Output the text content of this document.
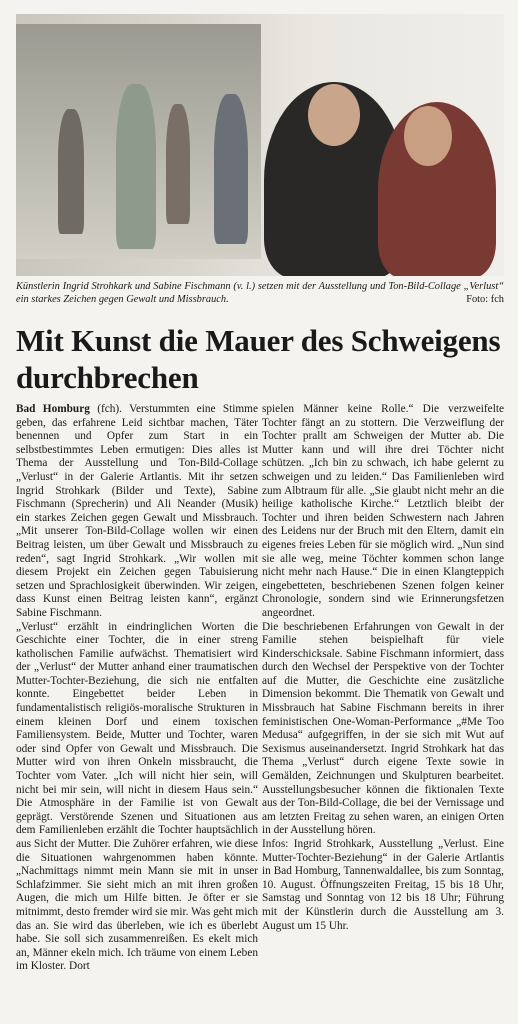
Künstlerin Ingrid Strohkark und Sabine Fischmann (v. l.) setzen mit der Ausstellung und Ton-Bild-Collage „Verlust“ ein starkes Zeichen gegen Gewalt und Missbrauch.	Foto: fch
Mit Kunst die Mauer des Schweigens durchbrechen

Bad Homburg (fch). Verstummten eine Stimme geben, das erfahrene Leid sichtbar machen, Täter benennen und Opfer zum Start in ein selbstbestimmtes Leben ermutigen: Dies alles ist Thema der Ausstellung und Ton-Bild-Collage „Verlust“ in der Galerie Artlantis. Mit ihr setzen Ingrid Strohkark (Bilder und Texte), Sabine Fischmann (Sprecherin) und Ali Neander (Musik) ein starkes Zeichen gegen Gewalt und Missbrauch. „Mit unserer Ton-Bild-Collage wollen wir einen Beitrag leisten, um über Gewalt und Missbrauch zu reden“, sagt Ingrid Strohkark. „Wir wollen mit diesem Projekt ein Zeichen gegen Tabuisierung setzen und Sprachlosigkeit überwinden. Wir zeigen, dass Kunst einen Beitrag leisten kann“, ergänzt Sabine Fischmann.

„Verlust“ erzählt in eindringlichen Worten die Geschichte einer Tochter, die in einer streng katholischen Familie aufwächst. Thematisiert wird der „Verlust“ der Mutter anhand einer traumatischen Mutter-Tochter-Beziehung, die sich nie entfalten konnte. Eingebettet beider Leben in fundamentalistisch religiös-moralische Strukturen in einem kleinen Dorf und einem toxischen Familiensystem. Beide, Mutter und Tochter, waren oder sind Opfer von Gewalt und Missbrauch. Die Mutter wird von ihren Onkeln missbraucht, die Tochter vom Vater. „Ich will nicht hier sein, will nicht bei mir sein, will nicht in diesem Haus sein.“ Die Atmosphäre in der Familie ist von Gewalt geprägt. Verstörende Szenen und Situationen aus dem Familienleben erzählt die Tochter hauptsächlich aus Sicht der Mutter. Die Zuhörer erfahren, wie diese die Situationen wahrgenommen haben könnte. „Nachmittags nimmt mein Mann sie mit in unser Schlafzimmer. Sie sieht mich an mit ihren großen Augen, die mich um Hilfe bitten. Je öfter er sie mitnimmt, desto fremder wird sie mir. Was geht mich das an. Sie wird das überleben, wie ich es überlebt habe. Sie soll sich zusammenreißen. Es ekelt mich an, Männer ekeln mich. Ich träume von einem Leben im Kloster. Dort

spielen Männer keine Rolle.“ Die verzweifelte Tochter fängt an zu stottern. Die Verzweiflung der Tochter prallt am Schweigen der Mutter ab. Die Mutter kann und will ihre drei Töchter nicht schützen. „Ich bin zu schwach, ich habe gelernt zu schweigen und zu leiden.“ Das Familienleben wird zum Albtraum für alle. „Sie glaubt nicht mehr an die heilige katholische Kirche.“ Letztlich bleibt der Tochter und ihren beiden Schwestern nach Jahren des Leidens nur der Bruch mit den Eltern, damit ein eigenes freies Leben für sie möglich wird. „Nun sind sie alle weg, meine Töchter kommen schon lange nicht mehr nach Hause.“ Die in einen Klangteppich eingebetteten, beschriebenen Szenen folgen keiner Chronologie, sondern sind wie Erinnerungsfetzen angeordnet.

Die beschriebenen Erfahrungen von Gewalt in der Familie stehen beispielhaft für viele Kinderschicksale. Sabine Fischmann informiert, dass durch den Wechsel der Perspektive von der Tochter auf die Mutter, die Geschichte eine zusätzliche Dimension bekommt. Die Thematik von Gewalt und Missbrauch hat Sabine Fischmann bereits in ihrer feministischen One-Woman-Performance „#Me Too Medusa“ aufgegriffen, in der sie sich mit Wut auf Sexismus auseinandersetzt. Ingrid Strohkark hat das Thema „Verlust“ durch eigene Texte sowie in Gemälden, Zeichnungen und Skulpturen bearbeitet. Ausstellungsbesucher können die fiktionalen Texte aus der Ton-Bild-Collage, die bei der Vernissage und am letzten Freitag zu sehen waren, an einigen Orten in der Ausstellung hören.

Infos: Ingrid Strohkark, Ausstellung „Verlust. Eine Mutter-Tochter-Beziehung“ in der Galerie Artlantis in Bad Homburg, Tannenwaldallee, bis zum Sonntag, 10. August. Öffnungszeiten Freitag, 15 bis 18 Uhr, Samstag und Sonntag von 12 bis 18 Uhr; Führung mit der Künstlerin durch die Ausstellung am 3. August um 15 Uhr.
